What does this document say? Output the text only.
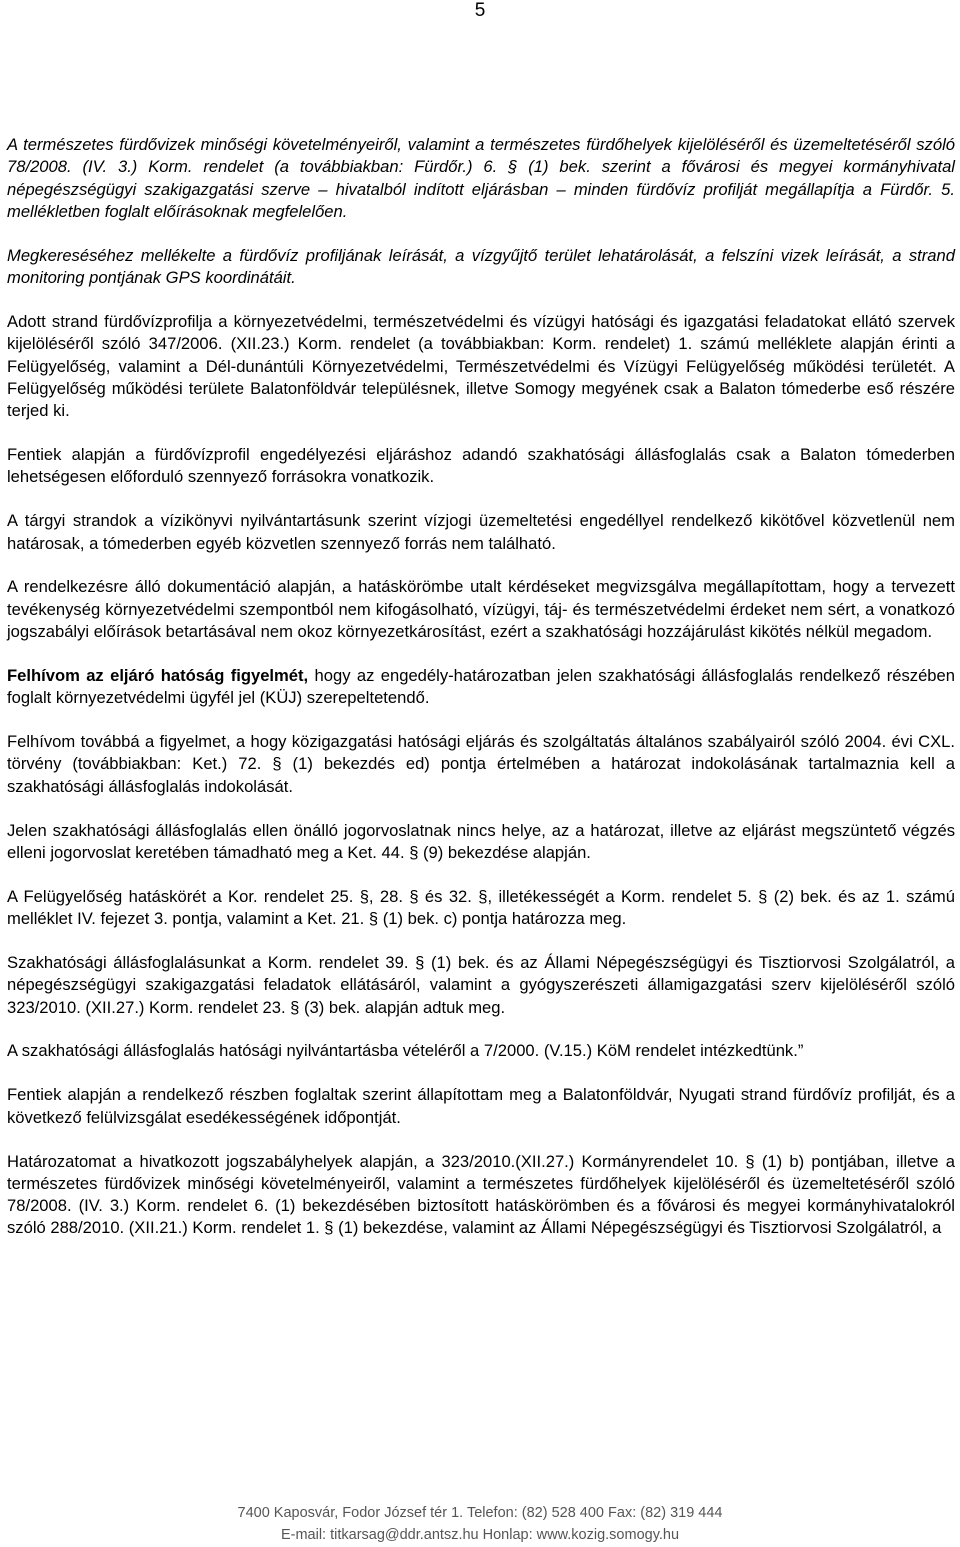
5

A természetes fürdővizek minőségi követelményeiről, valamint a természetes fürdőhelyek kijelöléséről és üzemeltetéséről szóló 78/2008. (IV. 3.) Korm. rendelet (a továbbiakban: Fürdőr.) 6. § (1) bek. szerint a fővárosi és megyei kormányhivatal népegészségügyi szakigazgatási szerve – hivatalból indított eljárásban – minden fürdővíz profilját megállapítja a Fürdőr. 5. mellékletben foglalt előírásoknak megfelelően.

Megkereséséhez mellékelte a fürdővíz profiljának leírását, a vízgyűjtő terület lehatárolását, a felszíni vizek leírását, a strand monitoring pontjának GPS koordinátáit.

Adott strand fürdővízprofilja a környezetvédelmi, természetvédelmi és vízügyi hatósági és igazgatási feladatokat ellátó szervek kijelöléséről szóló 347/2006. (XII.23.) Korm. rendelet (a továbbiakban: Korm. rendelet) 1. számú melléklete alapján érinti a Felügyelőség, valamint a Dél-dunántúli Környezetvédelmi, Természetvédelmi és Vízügyi Felügyelőség működési területét. A Felügyelőség működési területe Balatonföldvár településnek, illetve Somogy megyének csak a Balaton tómederbe eső részére terjed ki.

Fentiek alapján a fürdővízprofil engedélyezési eljáráshoz adandó szakhatósági állásfoglalás csak a Balaton tómederben lehetségesen előforduló szennyező forrásokra vonatkozik.

A tárgyi strandok a vízikönyvi nyilvántartásunk szerint vízjogi üzemeltetési engedéllyel rendelkező kikötővel közvetlenül nem határosak, a tómederben egyéb közvetlen szennyező forrás nem található.

A rendelkezésre álló dokumentáció alapján, a hatáskörömbe utalt kérdéseket megvizsgálva megállapítottam, hogy a tervezett tevékenység környezetvédelmi szempontból nem kifogásolható, vízügyi, táj- és természetvédelmi érdeket nem sért, a vonatkozó jogszabályi előírások betartásával nem okoz környezetkárosítást, ezért a szakhatósági hozzájárulást kikötés nélkül megadom.

Felhívom az eljáró hatóság figyelmét, hogy az engedély-határozatban jelen szakhatósági állásfoglalás rendelkező részében foglalt környezetvédelmi ügyfél jel (KÜJ) szerepeltetendő.

Felhívom továbbá a figyelmet, a hogy közigazgatási hatósági eljárás és szolgáltatás általános szabályairól szóló 2004. évi CXL. törvény (továbbiakban: Ket.) 72. § (1) bekezdés ed) pontja értelmében a határozat indokolásának tartalmaznia kell a szakhatósági állásfoglalás indokolását.

Jelen szakhatósági állásfoglalás ellen önálló jogorvoslatnak nincs helye, az a határozat, illetve az eljárást megszüntető végzés elleni jogorvoslat keretében támadható meg a Ket. 44. § (9) bekezdése alapján.

A Felügyelőség hatáskörét a Kor. rendelet 25. §, 28. § és 32. §, illetékességét a Korm. rendelet 5. § (2) bek. és az 1. számú melléklet IV. fejezet 3. pontja, valamint a Ket. 21. § (1) bek. c) pontja határozza meg.

Szakhatósági állásfoglalásunkat a Korm. rendelet 39. § (1) bek. és az Állami Népegészségügyi és Tisztiorvosi Szolgálatról, a népegészségügyi szakigazgatási feladatok ellátásáról, valamint a gyógyszerészeti államigazgatási szerv kijelöléséről szóló 323/2010. (XII.27.) Korm. rendelet 23. § (3) bek. alapján adtuk meg.

A szakhatósági állásfoglalás hatósági nyilvántartásba vételéről a 7/2000. (V.15.) KöM rendelet intézkedtünk.”

Fentiek alapján a rendelkező részben foglaltak szerint állapítottam meg a Balatonföldvár, Nyugati strand fürdővíz profilját, és a következő felülvizsgálat esedékességének időpontját.

Határozatomat a hivatkozott jogszabályhelyek alapján, a 323/2010.(XII.27.) Kormányrendelet 10. § (1) b) pontjában, illetve a természetes fürdővizek minőségi követelményeiről, valamint a természetes fürdőhelyek kijelöléséről és üzemeltetéséről szóló 78/2008. (IV. 3.) Korm. rendelet 6. (1) bekezdésében biztosított hatáskörömben és a fővárosi és megyei kormányhivatalokról szóló 288/2010. (XII.21.) Korm. rendelet 1. § (1) bekezdése, valamint az Állami Népegészségügyi és Tisztiorvosi Szolgálatról, a

7400 Kaposvár, Fodor József tér 1. Telefon: (82) 528 400 Fax: (82) 319 444
E-mail: titkarsag@ddr.antsz.hu Honlap: www.kozig.somogy.hu
